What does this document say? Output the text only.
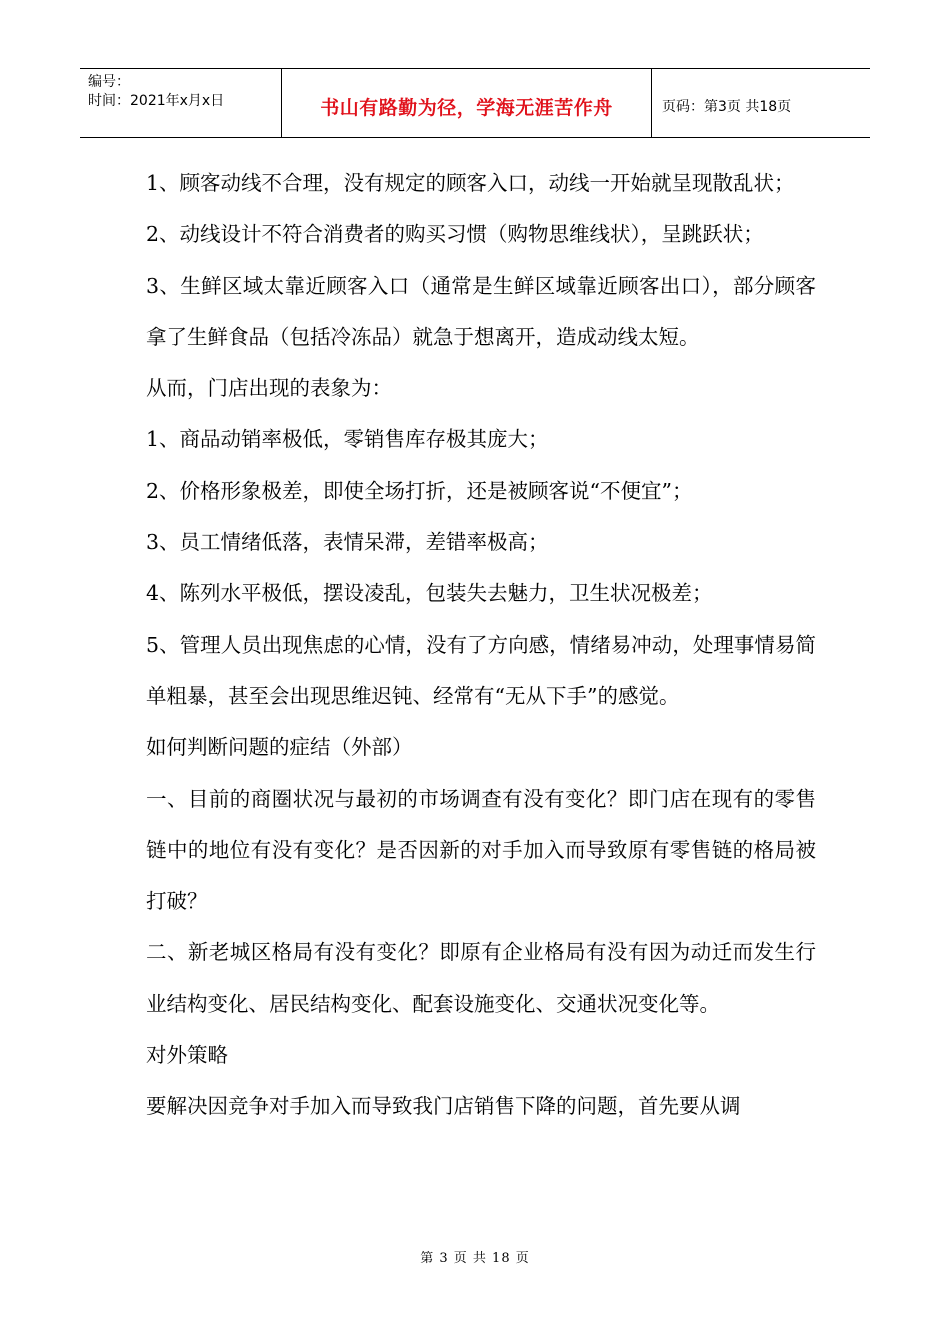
编号：
时间：2021年x月x日	书山有路勤为径，学海无涯苦作舟	页码：第3页 共18页

1、顾客动线不合理，没有规定的顾客入口，动线一开始就呈现散乱状；

2、动线设计不符合消费者的购买习惯（购物思维线状），呈跳跃状；

3、生鲜区域太靠近顾客入口（通常是生鲜区域靠近顾客出口），部分顾客拿了生鲜食品（包括冷冻品）就急于想离开，造成动线太短。

从而，门店出现的表象为：

1、商品动销率极低，零销售库存极其庞大；

2、价格形象极差，即使全场打折，还是被顾客说“不便宜”；

3、员工情绪低落，表情呆滞，差错率极高；

4、陈列水平极低，摆设凌乱，包装失去魅力，卫生状况极差；

5、管理人员出现焦虑的心情，没有了方向感，情绪易冲动，处理事情易简单粗暴，甚至会出现思维迟钝、经常有“无从下手”的感觉。

如何判断问题的症结（外部）

一、目前的商圈状况与最初的市场调查有没有变化？即门店在现有的零售链中的地位有没有变化？是否因新的对手加入而导致原有零售链的格局被打破？

二、新老城区格局有没有变化？即原有企业格局有没有因为动迁而发生行业结构变化、居民结构变化、配套设施变化、交通状况变化等。

对外策略

要解决因竞争对手加入而导致我门店销售下降的问题，首先要从调

第 3 页 共 18 页
